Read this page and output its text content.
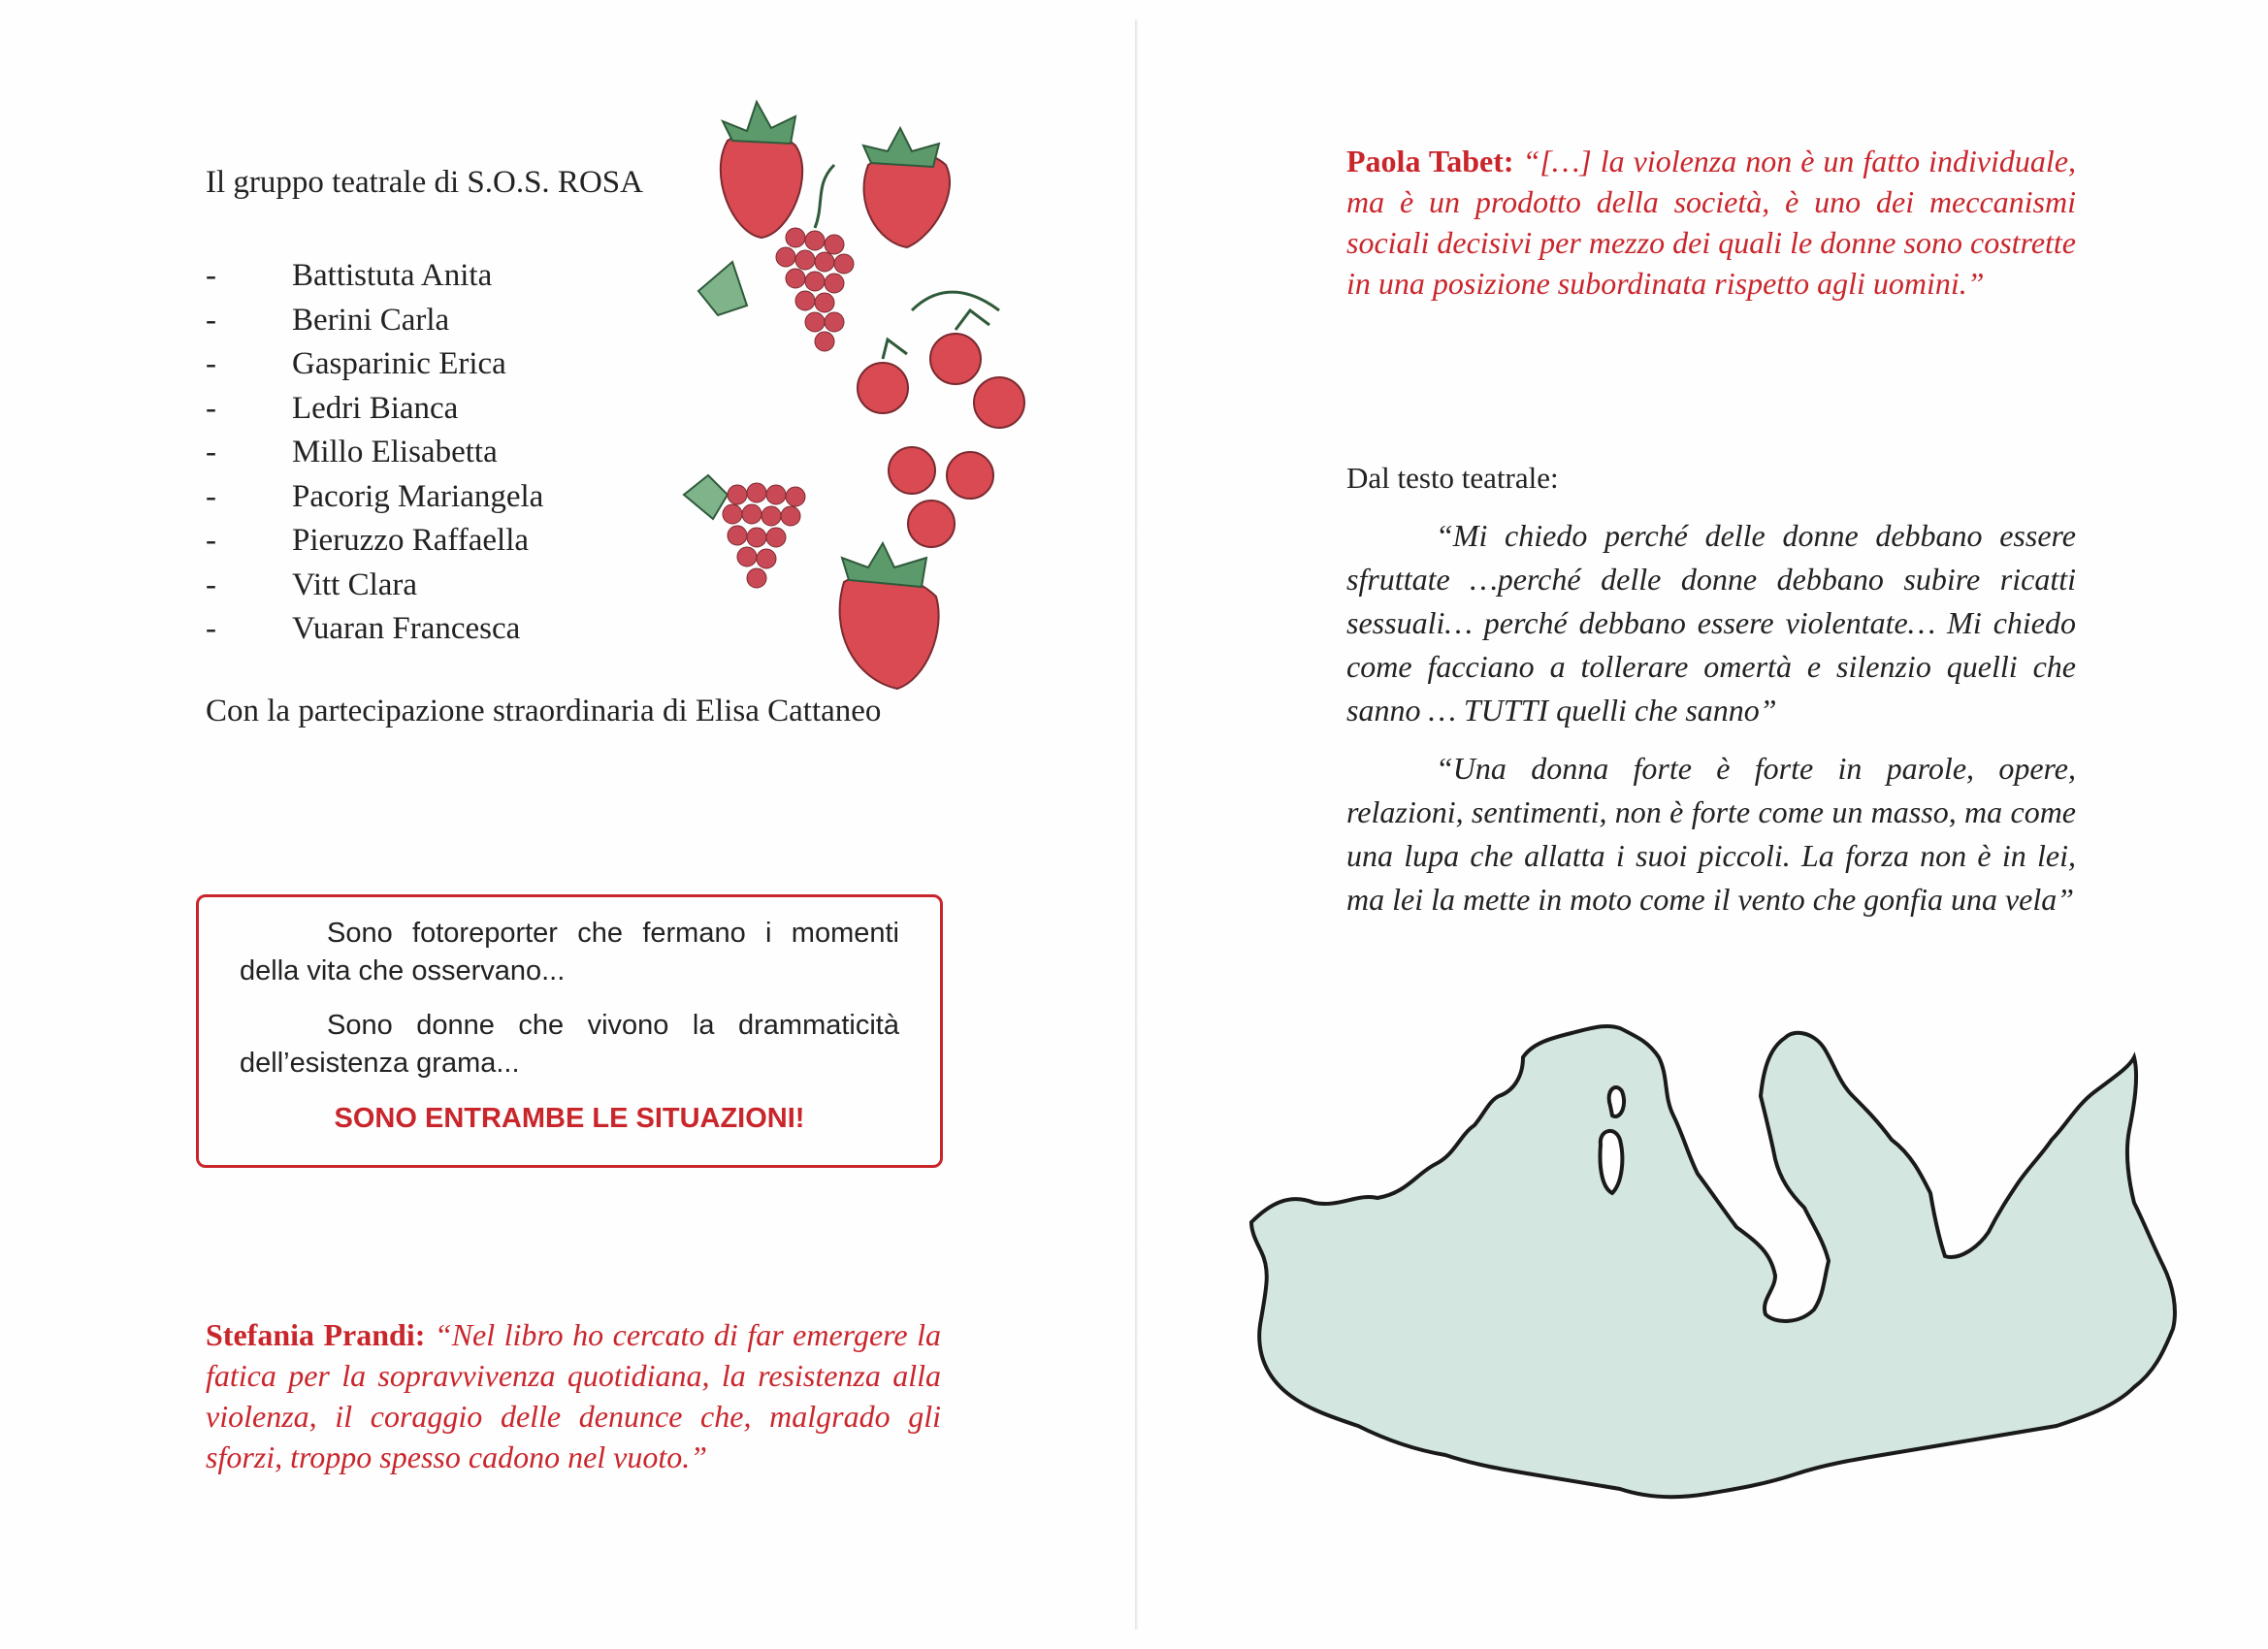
Il gruppo teatrale di S.O.S. ROSA
- Battistuta Anita
- Berini Carla
- Gasparinic Erica
- Ledri Bianca
- Millo Elisabetta
- Pacorig Mariangela
- Pieruzzo Raffaella
- Vitt Clara
- Vuaran Francesca
Con la partecipazione straordinaria di Elisa Cattaneo
Sono fotoreporter che fermano i momenti della vita che osservano...
Sono donne che vivono la drammaticità dell’esistenza grama...
SONO ENTRAMBE LE SITUAZIONI!
Stefania Prandi: “Nel libro ho cercato di far emergere la fatica per la sopravvivenza quotidiana, la resistenza alla violenza, il coraggio delle denunce che, malgrado gli sforzi, troppo spesso cadono nel vuoto.”
Paola Tabet: “[…] la violenza non è un fatto individuale, ma è un prodotto della società, è uno dei meccanismi sociali decisivi per mezzo dei quali le donne sono costrette in una posizione subordinata rispetto agli uomini.”
Dal testo teatrale:
“Mi chiedo perché delle donne debbano essere sfruttate …perché delle donne debbano subire ricatti sessuali… perché debbano essere violentate… Mi chiedo come facciano a tollerare omertà e silenzio quelli che sanno … TUTTI quelli che sanno”
“Una donna forte è forte in parole, opere, relazioni, sentimenti, non è forte come un masso, ma come una lupa che allatta i suoi piccoli. La forza non è in lei, ma lei la mette in moto come il vento che gonfia una vela”
